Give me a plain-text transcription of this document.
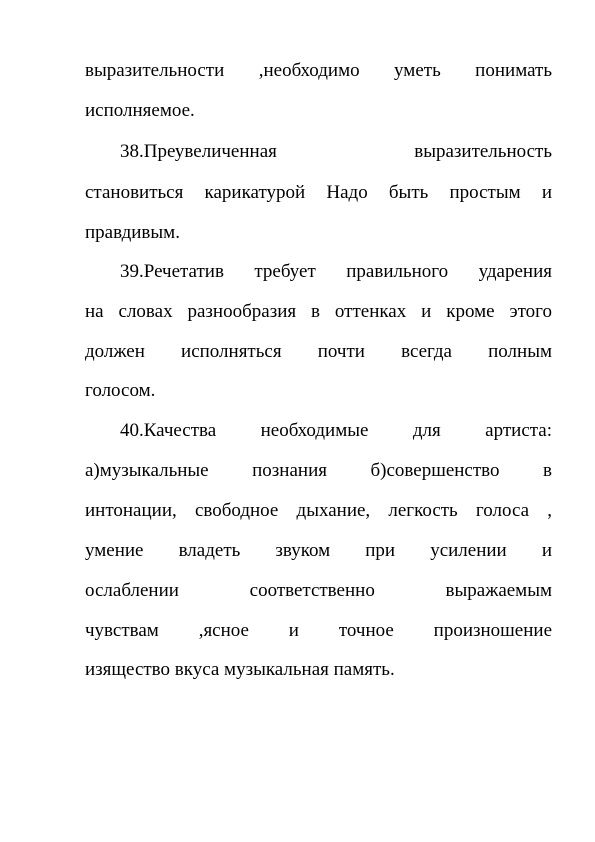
выразительности ,необходимо уметь понимать
исполняемое.
38.Преувеличенная выразительность
становиться карикатурой Надо быть простым и
правдивым.
39.Речетатив требует правильного ударения
на словах разнообразия в оттенках и кроме этого
должен исполняться почти всегда полным
голосом.
40.Качества необходимые для артиста:
а)музыкальные познания б)совершенство в
интонации, свободное дыхание, легкость голоса ,
умение владеть звуком при усилении и
ослаблении соответственно выражаемым
чувствам ,ясное и точное произношение
изящество вкуса музыкальная память.
